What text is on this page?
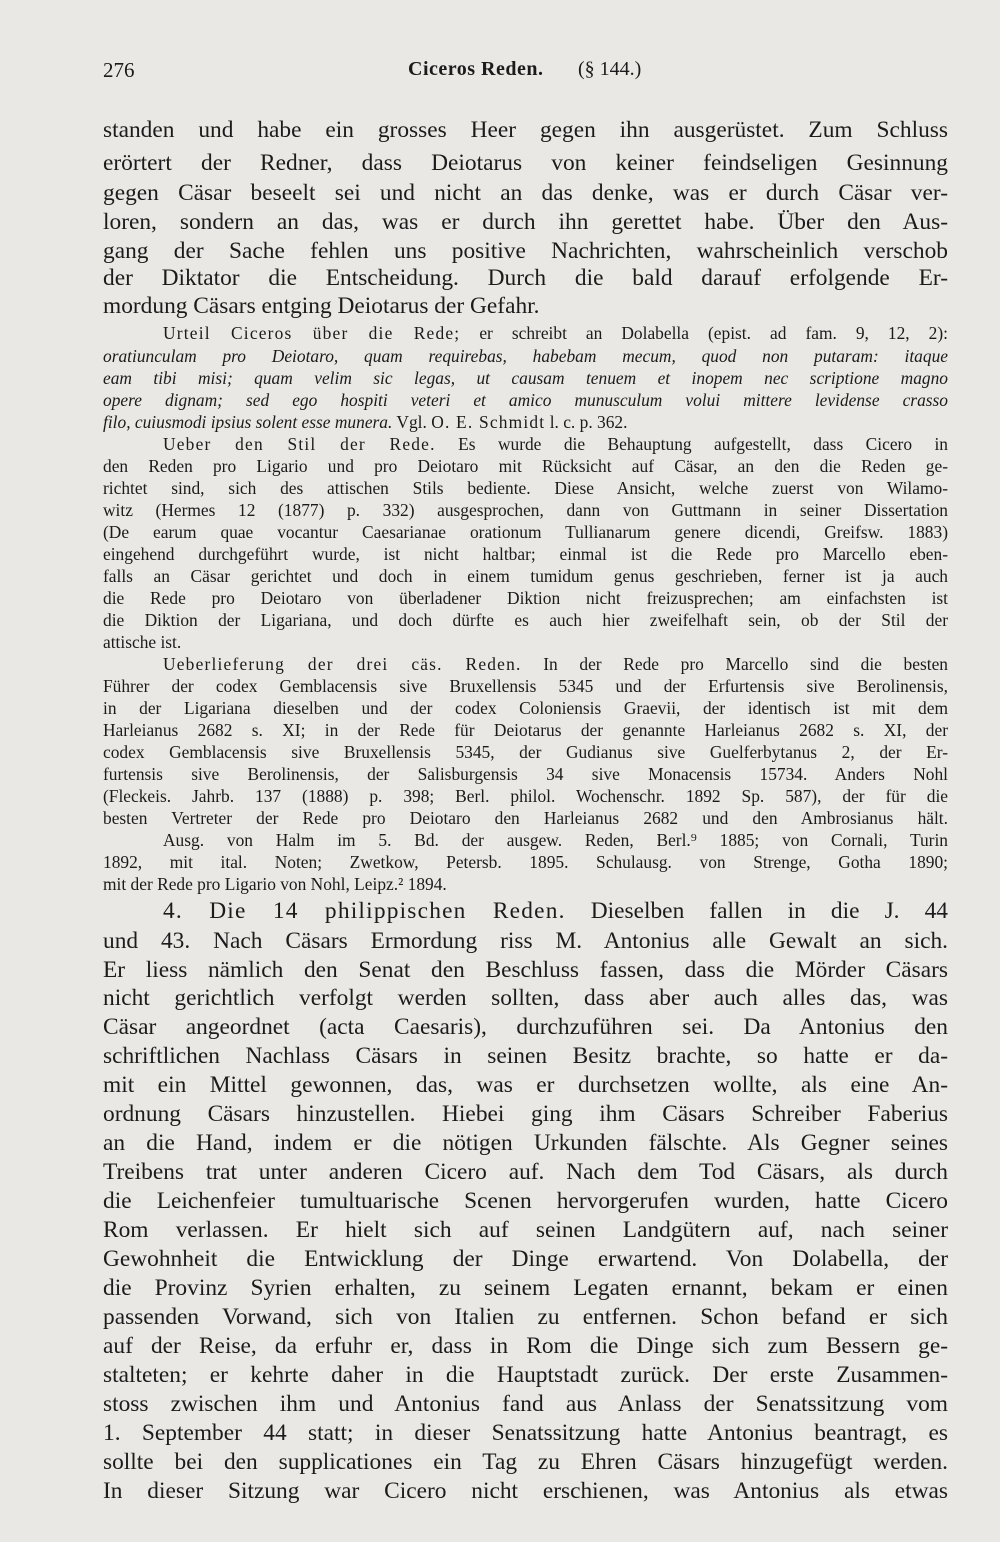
276	Ciceros Reden. (§ 144.)
standen und habe ein grosses Heer gegen ihn ausgerüstet. Zum Schluss
erörtert der Redner, dass Deiotarus von keiner feindseligen Gesinnung
gegen Cäsar beseelt sei und nicht an das denke, was er durch Cäsar ver-
loren, sondern an das, was er durch ihn gerettet habe. Über den Aus-
gang der Sache fehlen uns positive Nachrichten, wahrscheinlich verschob
der Diktator die Entscheidung. Durch die bald darauf erfolgende Er-
mordung Cäsars entging Deiotarus der Gefahr.
Urteil Ciceros über die Rede; er schreibt an Dolabella (epist. ad fam. 9, 12, 2):
oratiunculam pro Deiotaro, quam requirebas, habebam mecum, quod non putaram: itaque
eam tibi misi; quam velim sic legas, ut causam tenuem et inopem nec scriptione magno
opere dignam; sed ego hospiti veteri et amico munusculum volui mittere levidense crasso
filo, cuiusmodi ipsius solent esse munera. Vgl. O. E. Schmidt l. c. p. 362.
Ueber den Stil der Rede. Es wurde die Behauptung aufgestellt, dass Cicero in
den Reden pro Ligario und pro Deiotaro mit Rücksicht auf Cäsar, an den die Reden ge-
richtet sind, sich des attischen Stils bediente. Diese Ansicht, welche zuerst von Wilamo-
witz (Hermes 12 (1877) p. 332) ausgesprochen, dann von Guttmann in seiner Dissertation
(De earum quae vocantur Caesarianae orationum Tullianarum genere dicendi, Greifsw. 1883)
eingehend durchgeführt wurde, ist nicht haltbar; einmal ist die Rede pro Marcello eben-
falls an Cäsar gerichtet und doch in einem tumidum genus geschrieben, ferner ist ja auch
die Rede pro Deiotaro von überladener Diktion nicht freizusprechen; am einfachsten ist
die Diktion der Ligariana, und doch dürfte es auch hier zweifelhaft sein, ob der Stil der
attische ist.
Ueberlieferung der drei cäs. Reden. In der Rede pro Marcello sind die besten
Führer der codex Gemblacensis sive Bruxellensis 5345 und der Erfurtensis sive Berolinensis,
in der Ligariana dieselben und der codex Coloniensis Graevii, der identisch ist mit dem
Harleianus 2682 s. XI; in der Rede für Deiotarus der genannte Harleianus 2682 s. XI, der
codex Gemblacensis sive Bruxellensis 5345, der Gudianus sive Guelferbytanus 2, der Er-
furtensis sive Berolinensis, der Salisburgensis 34 sive Monacensis 15734. Anders Nohl
(Fleckeis. Jahrb. 137 (1888) p. 398; Berl. philol. Wochenschr. 1892 Sp. 587), der für die
besten Vertreter der Rede pro Deiotaro den Harleianus 2682 und den Ambrosianus hält.
Ausg. von Halm im 5. Bd. der ausgew. Reden, Berl.⁹ 1885; von Cornali, Turin
1892, mit ital. Noten; Zwetkow, Petersb. 1895. Schulausg. von Strenge, Gotha 1890;
mit der Rede pro Ligario von Nohl, Leipz.² 1894.
4. Die 14 philippischen Reden. Dieselben fallen in die J. 44
und 43. Nach Cäsars Ermordung riss M. Antonius alle Gewalt an sich.
Er liess nämlich den Senat den Beschluss fassen, dass die Mörder Cäsars
nicht gerichtlich verfolgt werden sollten, dass aber auch alles das, was
Cäsar angeordnet (acta Caesaris), durchzuführen sei. Da Antonius den
schriftlichen Nachlass Cäsars in seinen Besitz brachte, so hatte er da-
mit ein Mittel gewonnen, das, was er durchsetzen wollte, als eine An-
ordnung Cäsars hinzustellen. Hiebei ging ihm Cäsars Schreiber Faberius
an die Hand, indem er die nötigen Urkunden fälschte. Als Gegner seines
Treibens trat unter anderen Cicero auf. Nach dem Tod Cäsars, als durch
die Leichenfeier tumultuarische Scenen hervorgerufen wurden, hatte Cicero
Rom verlassen. Er hielt sich auf seinen Landgütern auf, nach seiner
Gewohnheit die Entwicklung der Dinge erwartend. Von Dolabella, der
die Provinz Syrien erhalten, zu seinem Legaten ernannt, bekam er einen
passenden Vorwand, sich von Italien zu entfernen. Schon befand er sich
auf der Reise, da erfuhr er, dass in Rom die Dinge sich zum Bessern ge-
stalteten; er kehrte daher in die Hauptstadt zurück. Der erste Zusammen-
stoss zwischen ihm und Antonius fand aus Anlass der Senatssitzung vom
1. September 44 statt; in dieser Senatssitzung hatte Antonius beantragt, es
sollte bei den supplicationes ein Tag zu Ehren Cäsars hinzugefügt werden.
In dieser Sitzung war Cicero nicht erschienen, was Antonius als etwas
